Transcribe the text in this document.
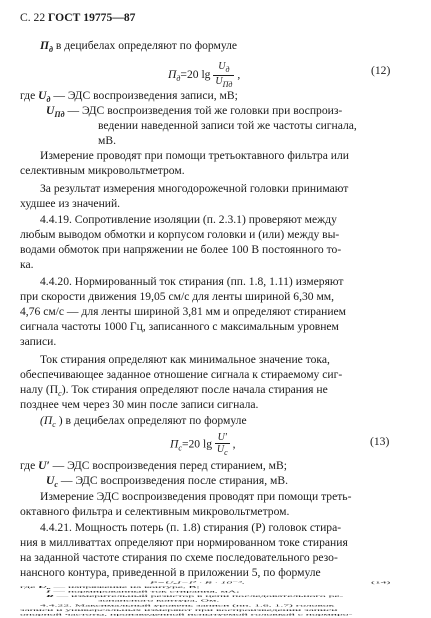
С. 22 ГОСТ 19775—87
$П_д$ в децибелах определяют по формуле
$П_д=20$ $\lg \frac{U_д}{U_{Пд}}$ ,	(12)
где $U_д$ — ЭДС воспроизведения записи, мВ;
$U_{Пд}$ — ЭДС воспроизведения той же головки при воспроиз-
ведении наведенной записи той же частоты сигнала,
мВ.
Измерение проводят при помощи третьоктавного фильтра или
селективным микровольтметром.
За результат измерения многодорожечной головки принимают
худшее из значений.
4.4.19. Сопротивление изоляции (п. 2.3.1) проверяют между
любым выводом обмотки и корпусом головки и (или) между вы-
водами обмоток при напряжении не более 100 В постоянного то-
ка.
4.4.20. Нормированный ток стирания (пп. 1.8, 1.11) измеряют
при скорости движения 19,05 см/с для ленты шириной 6,30 мм,
4,76 см/с — для ленты шириной 3,81 мм и определяют стиранием
сигнала частоты 1000 Гц, записанного с максимальным уровнем
записи.
Ток стирания определяют как минимальное значение тока,
обеспечивающее заданное отношение сигнала к стираемому сиг-
налу $(П_с)$. Ток стирания определяют после начала стирания не
позднее чем через 30 мин после записи сигнала.
($П_с$ ) в децибелах определяют по формуле
$П_с=20$ $\lg \frac{U'}{U_c}$ ,	(13)
где U′ — ЭДС воспроизведения перед стиранием, мВ;
$U_c$ — ЭДС воспроизведения после стирания, мВ.
Измерение ЭДС воспроизведения проводят при помощи треть-
октавного фильтра и селективным микровольтметром.
4.4.21. Мощность потерь (п. 1.8) стирания (Р) головок стира-
ния в милливаттах определяют при нормированном токе стирания
на заданной частоте стирания по схеме последовательного резо-
нансного контура, приведенной в приложении 5, по формуле
$Р=U_кI-I^2 \cdot R \cdot 10^{-3}$,	(14)
где $U_к$ — напряжение на контуре, В;
I — нормированный ток стирания, мА;
R — измерительный резистор в цепи последовательного ре-
зонансного контура, Ом.
4.4.22. Максимальный уровень записи (пп. 1.6, 1.7) головок
записи и универсальных измеряют при воспроизведении записи
опорной частоты, произведенной испытуемой головкой с нормиро-
